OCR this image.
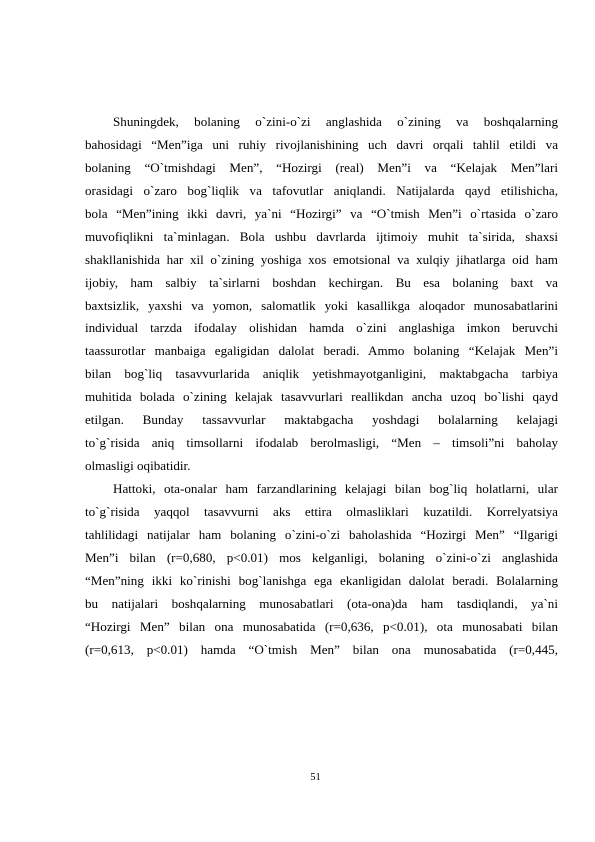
Shuningdek, bolaning o`zini-o`zi anglashida o`zining va boshqalarning
bahosidagi “Men”iga uni ruhiy rivojlanishining uch davri orqali tahlil etildi va
bolaning “O`tmishdagi Men”, “Hozirgi (real) Men”i va “Kelajak Men”lari
orasidagi o`zaro bog`liqlik va tafovutlar aniqlandi. Natijalarda qayd etilishicha,
bola “Men”ining ikki davri, ya`ni “Hozirgi” va “O`tmish Men”i o`rtasida o`zaro
muvofiqlikni ta`minlagan. Bola ushbu davrlarda ijtimoiy muhit ta`sirida, shaxsi
shakllanishida har xil o`zining yoshiga xos emotsional va xulqiy jihatlarga oid ham
ijobiy, ham salbiy ta`sirlarni boshdan kechirgan. Bu esa bolaning baxt va
baxtsizlik, yaxshi va yomon, salomatlik yoki kasallikga aloqador munosabatlarini
individual tarzda ifodalay olishidan hamda o`zini anglashiga imkon beruvchi
taassurotlar manbaiga egaligidan dalolat beradi. Ammo bolaning “Kelajak Men”i
bilan bog`liq tasavvurlarida aniqlik yetishmayotganligini, maktabgacha tarbiya
muhitida bolada o`zining kelajak tasavvurlari reallikdan ancha uzoq bo`lishi qayd
etilgan. Bunday tassavvurlar maktabgacha yoshdagi bolalarning kelajagi
to`g`risida aniq timsollarni ifodalab berolmasligi, “Men – timsoli”ni baholay
olmasligi oqibatidir.
Hattoki, ota-onalar ham farzandlarining kelajagi bilan bog`liq holatlarni, ular
to`g`risida yaqqol tasavvurni aks ettira olmasliklari kuzatildi. Korrelyatsiya
tahlilidagi natijalar ham bolaning o`zini-o`zi baholashida “Hozirgi Men” “Ilgarigi
Men”i bilan (r=0,680, p<0.01) mos kelganligi, bolaning o`zini-o`zi anglashida
“Men”ning ikki ko`rinishi bog`lanishga ega ekanligidan dalolat beradi. Bolalarning
bu natijalari boshqalarning munosabatlari (ota-ona)da ham tasdiqlandi, ya`ni
“Hozirgi Men” bilan ona munosabatida (r=0,636, p<0.01), ota munosabati bilan
(r=0,613, p<0.01) hamda “O`tmish Men” bilan ona munosabatida (r=0,445,
51
